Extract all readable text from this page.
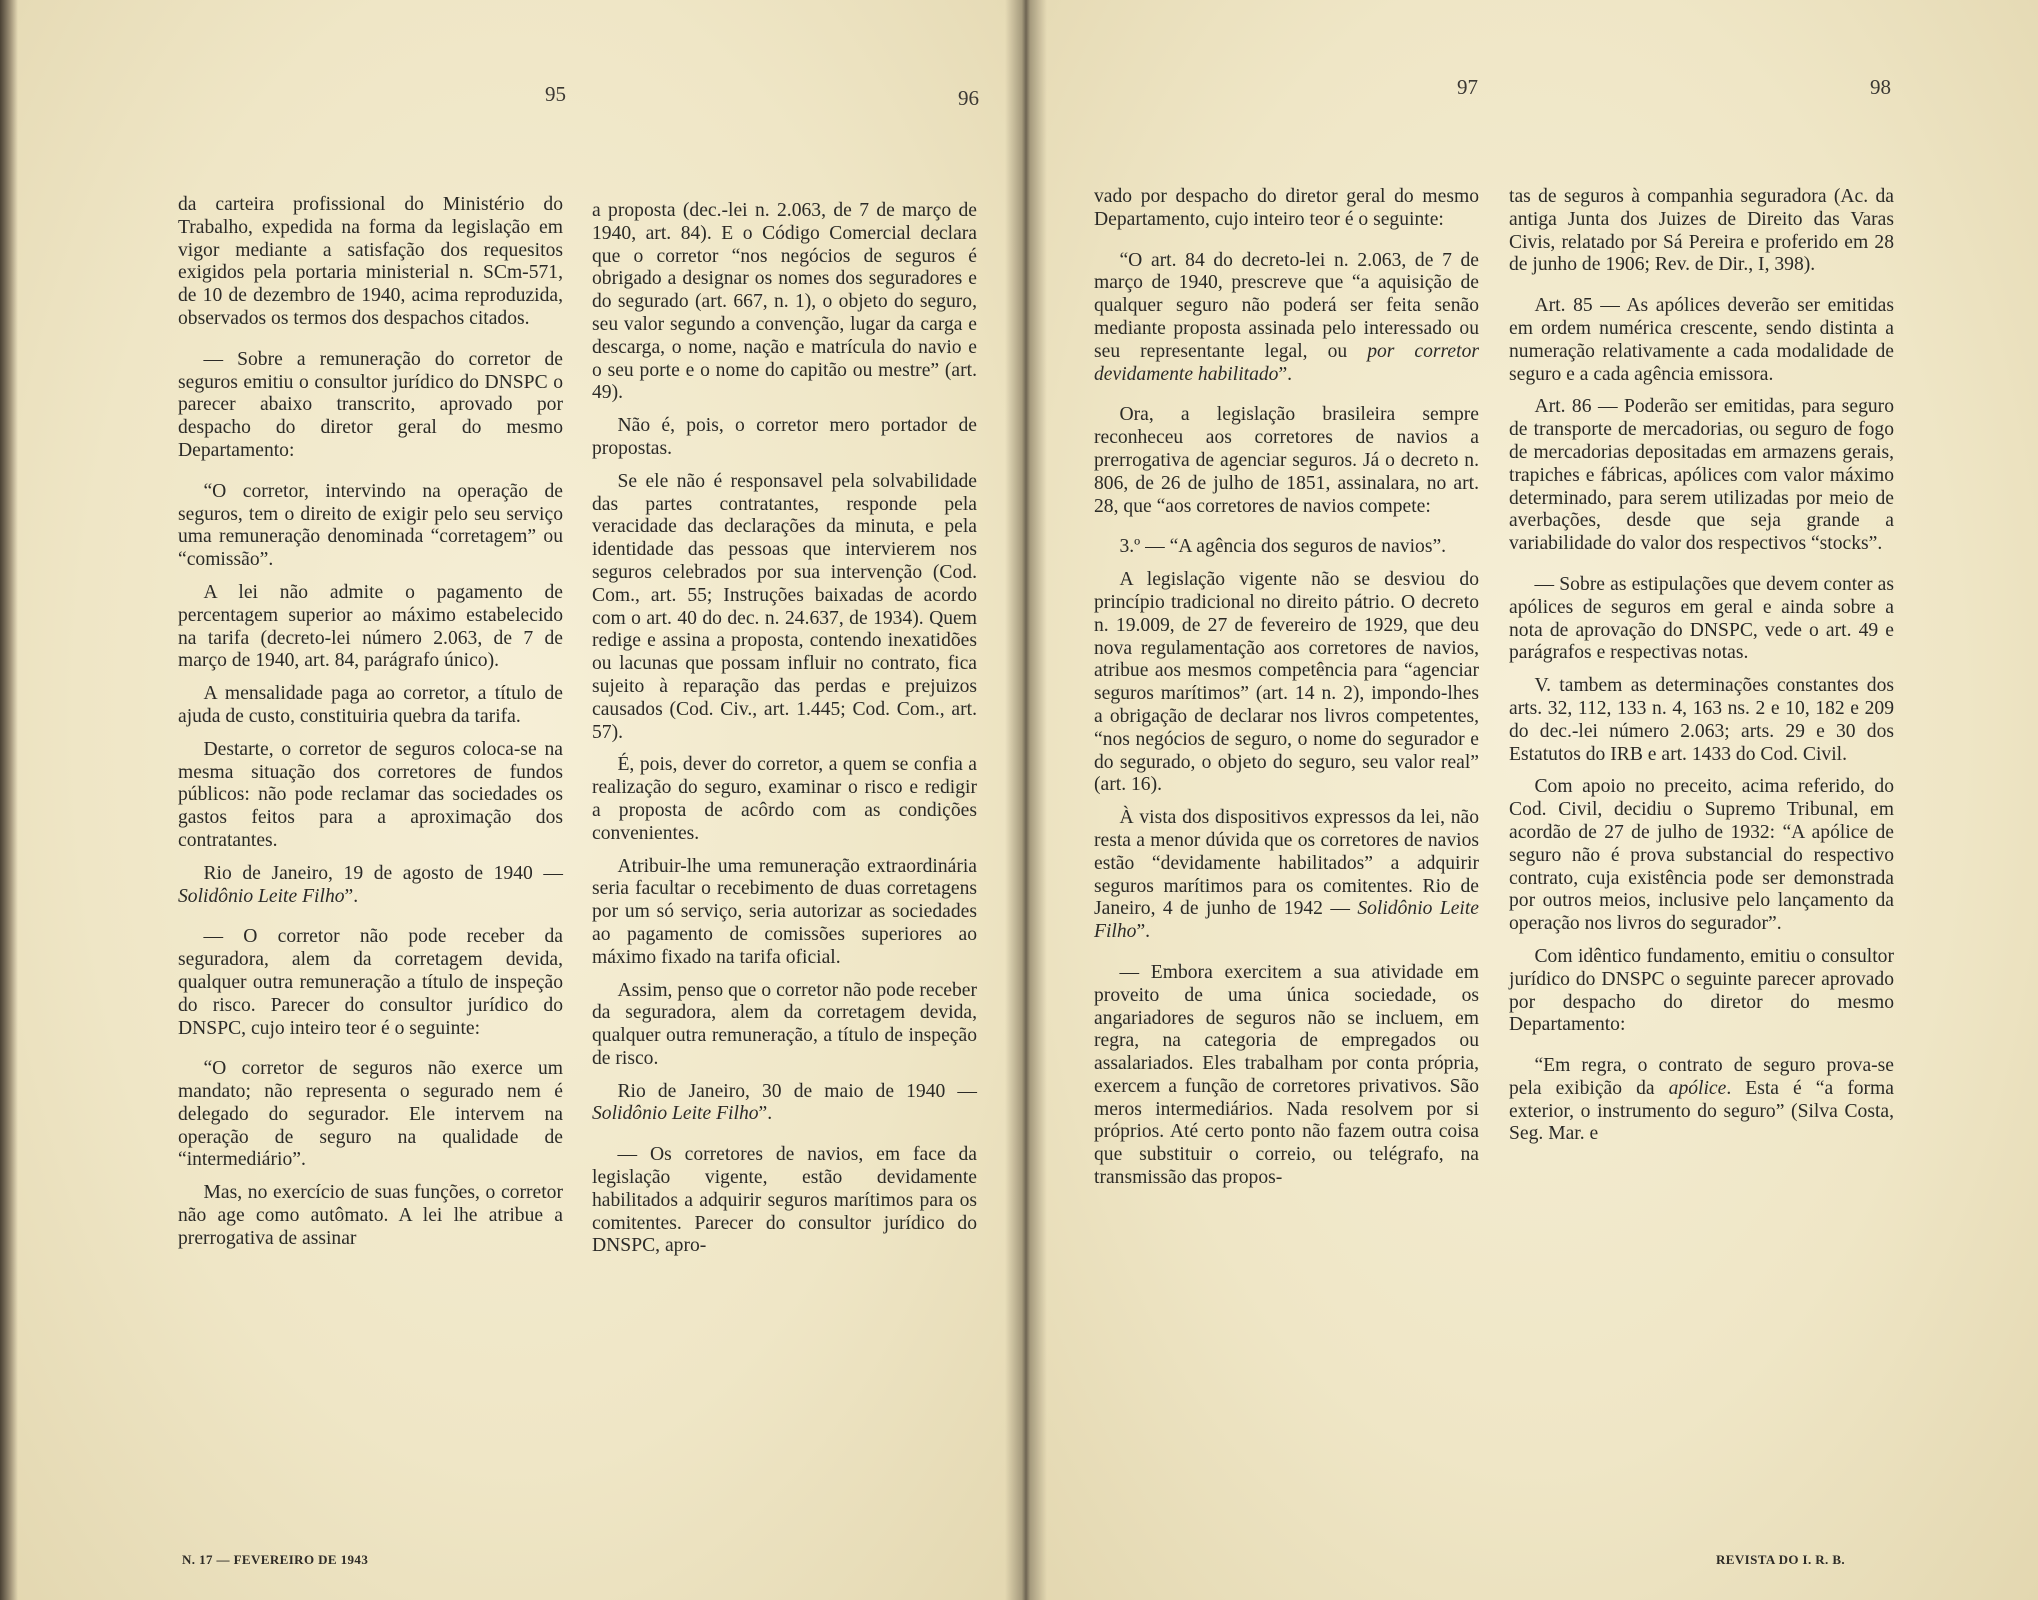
95	96	97	98

da carteira profissional do Ministério do Trabalho, expedida na forma da legislação em vigor mediante a satisfação dos requesitos exigidos pela portaria ministerial n. SCm-571, de 10 de dezembro de 1940, acima reproduzida, observados os termos dos despachos citados.

— Sobre a remuneração do corretor de seguros emitiu o consultor jurídico do DNSPC o parecer abaixo transcrito, aprovado por despacho do diretor geral do mesmo Departamento:

“O corretor, intervindo na operação de seguros, tem o direito de exigir pelo seu serviço uma remuneração denominada “corretagem” ou “comissão”.

A lei não admite o pagamento de percentagem superior ao máximo estabelecido na tarifa (decreto-lei número 2.063, de 7 de março de 1940, art. 84, parágrafo único).

A mensalidade paga ao corretor, a título de ajuda de custo, constituiria quebra da tarifa.

Destarte, o corretor de seguros coloca-se na mesma situação dos corretores de fundos públicos: não pode reclamar das sociedades os gastos feitos para a aproximação dos contratantes.

Rio de Janeiro, 19 de agosto de 1940 — Solidônio Leite Filho”.

— O corretor não pode receber da seguradora, alem da corretagem devida, qualquer outra remuneração a título de inspeção do risco. Parecer do consultor jurídico do DNSPC, cujo inteiro teor é o seguinte:

“O corretor de seguros não exerce um mandato; não representa o segurado nem é delegado do segurador. Ele intervem na operação de seguro na qualidade de “intermediário”.

Mas, no exercício de suas funções, o corretor não age como autômato. A lei lhe atribue a prerrogativa de assinar

a proposta (dec.-lei n. 2.063, de 7 de março de 1940, art. 84). E o Código Comercial declara que o corretor “nos negócios de seguros é obrigado a designar os nomes dos seguradores e do segurado (art. 667, n. 1), o objeto do seguro, seu valor segundo a convenção, lugar da carga e descarga, o nome, nação e matrícula do navio e o seu porte e o nome do capitão ou mestre” (art. 49).

Não é, pois, o corretor mero portador de propostas.

Se ele não é responsavel pela solvabilidade das partes contratantes, responde pela veracidade das declarações da minuta, e pela identidade das pessoas que intervierem nos seguros celebrados por sua intervenção (Cod. Com., art. 55; Instruções baixadas de acordo com o art. 40 do dec. n. 24.637, de 1934). Quem redige e assina a proposta, contendo inexatidões ou lacunas que possam influir no contrato, fica sujeito à reparação das perdas e prejuizos causados (Cod. Civ., art. 1.445; Cod. Com., art. 57).

É, pois, dever do corretor, a quem se confia a realização do seguro, examinar o risco e redigir a proposta de acôrdo com as condições convenientes.

Atribuir-lhe uma remuneração extraordinária seria facultar o recebimento de duas corretagens por um só serviço, seria autorizar as sociedades ao pagamento de comissões superiores ao máximo fixado na tarifa oficial.

Assim, penso que o corretor não pode receber da seguradora, alem da corretagem devida, qualquer outra remuneração, a título de inspeção de risco.

Rio de Janeiro, 30 de maio de 1940 — Solidônio Leite Filho”.

— Os corretores de navios, em face da legislação vigente, estão devidamente habilitados a adquirir seguros marítimos para os comitentes. Parecer do consultor jurídico do DNSPC, apro-

vado por despacho do diretor geral do mesmo Departamento, cujo inteiro teor é o seguinte:

“O art. 84 do decreto-lei n. 2.063, de 7 de março de 1940, prescreve que “a aquisição de qualquer seguro não poderá ser feita senão mediante proposta assinada pelo interessado ou seu representante legal, ou por corretor devidamente habilitado”.

Ora, a legislação brasileira sempre reconheceu aos corretores de navios a prerrogativa de agenciar seguros. Já o decreto n. 806, de 26 de julho de 1851, assinalara, no art. 28, que “aos corretores de navios compete:

3.º — “A agência dos seguros de navios”.

A legislação vigente não se desviou do princípio tradicional no direito pátrio. O decreto n. 19.009, de 27 de fevereiro de 1929, que deu nova regulamentação aos corretores de navios, atribue aos mesmos competência para “agenciar seguros marítimos” (art. 14 n. 2), impondo-lhes a obrigação de declarar nos livros competentes, “nos negócios de seguro, o nome do segurador e do segurado, o objeto do seguro, seu valor real” (art. 16).

À vista dos dispositivos expressos da lei, não resta a menor dúvida que os corretores de navios estão “devidamente habilitados” a adquirir seguros marítimos para os comitentes. Rio de Janeiro, 4 de junho de 1942 — Solidônio Leite Filho”.

— Embora exercitem a sua atividade em proveito de uma única sociedade, os angariadores de seguros não se incluem, em regra, na categoria de empregados ou assalariados. Eles trabalham por conta própria, exercem a função de corretores privativos. São meros intermediários. Nada resolvem por si próprios. Até certo ponto não fazem outra coisa que substituir o correio, ou telégrafo, na transmissão das propos-

tas de seguros à companhia seguradora (Ac. da antiga Junta dos Juizes de Direito das Varas Civis, relatado por Sá Pereira e proferido em 28 de junho de 1906; Rev. de Dir., I, 398).

Art. 85 — As apólices deverão ser emitidas em ordem numérica crescente, sendo distinta a numeração relativamente a cada modalidade de seguro e a cada agência emissora.

Art. 86 — Poderão ser emitidas, para seguro de transporte de mercadorias, ou seguro de fogo de mercadorias depositadas em armazens gerais, trapiches e fábricas, apólices com valor máximo determinado, para serem utilizadas por meio de averbações, desde que seja grande a variabilidade do valor dos respectivos “stocks”.

— Sobre as estipulações que devem conter as apólices de seguros em geral e ainda sobre a nota de aprovação do DNSPC, vede o art. 49 e parágrafos e respectivas notas.

V. tambem as determinações constantes dos arts. 32, 112, 133 n. 4, 163 ns. 2 e 10, 182 e 209 do dec.-lei número 2.063; arts. 29 e 30 dos Estatutos do IRB e art. 1433 do Cod. Civil.

Com apoio no preceito, acima referido, do Cod. Civil, decidiu o Supremo Tribunal, em acordão de 27 de julho de 1932: “A apólice de seguro não é prova substancial do respectivo contrato, cuja existência pode ser demonstrada por outros meios, inclusive pelo lançamento da operação nos livros do segurador”.

Com idêntico fundamento, emitiu o consultor jurídico do DNSPC o seguinte parecer aprovado por despacho do diretor do mesmo Departamento:

“Em regra, o contrato de seguro prova-se pela exibição da apólice. Esta é “a forma exterior, o instrumento do seguro” (Silva Costa, Seg. Mar. e

N. 17 — FEVEREIRO DE 1943	REVISTA DO I. R. B.
